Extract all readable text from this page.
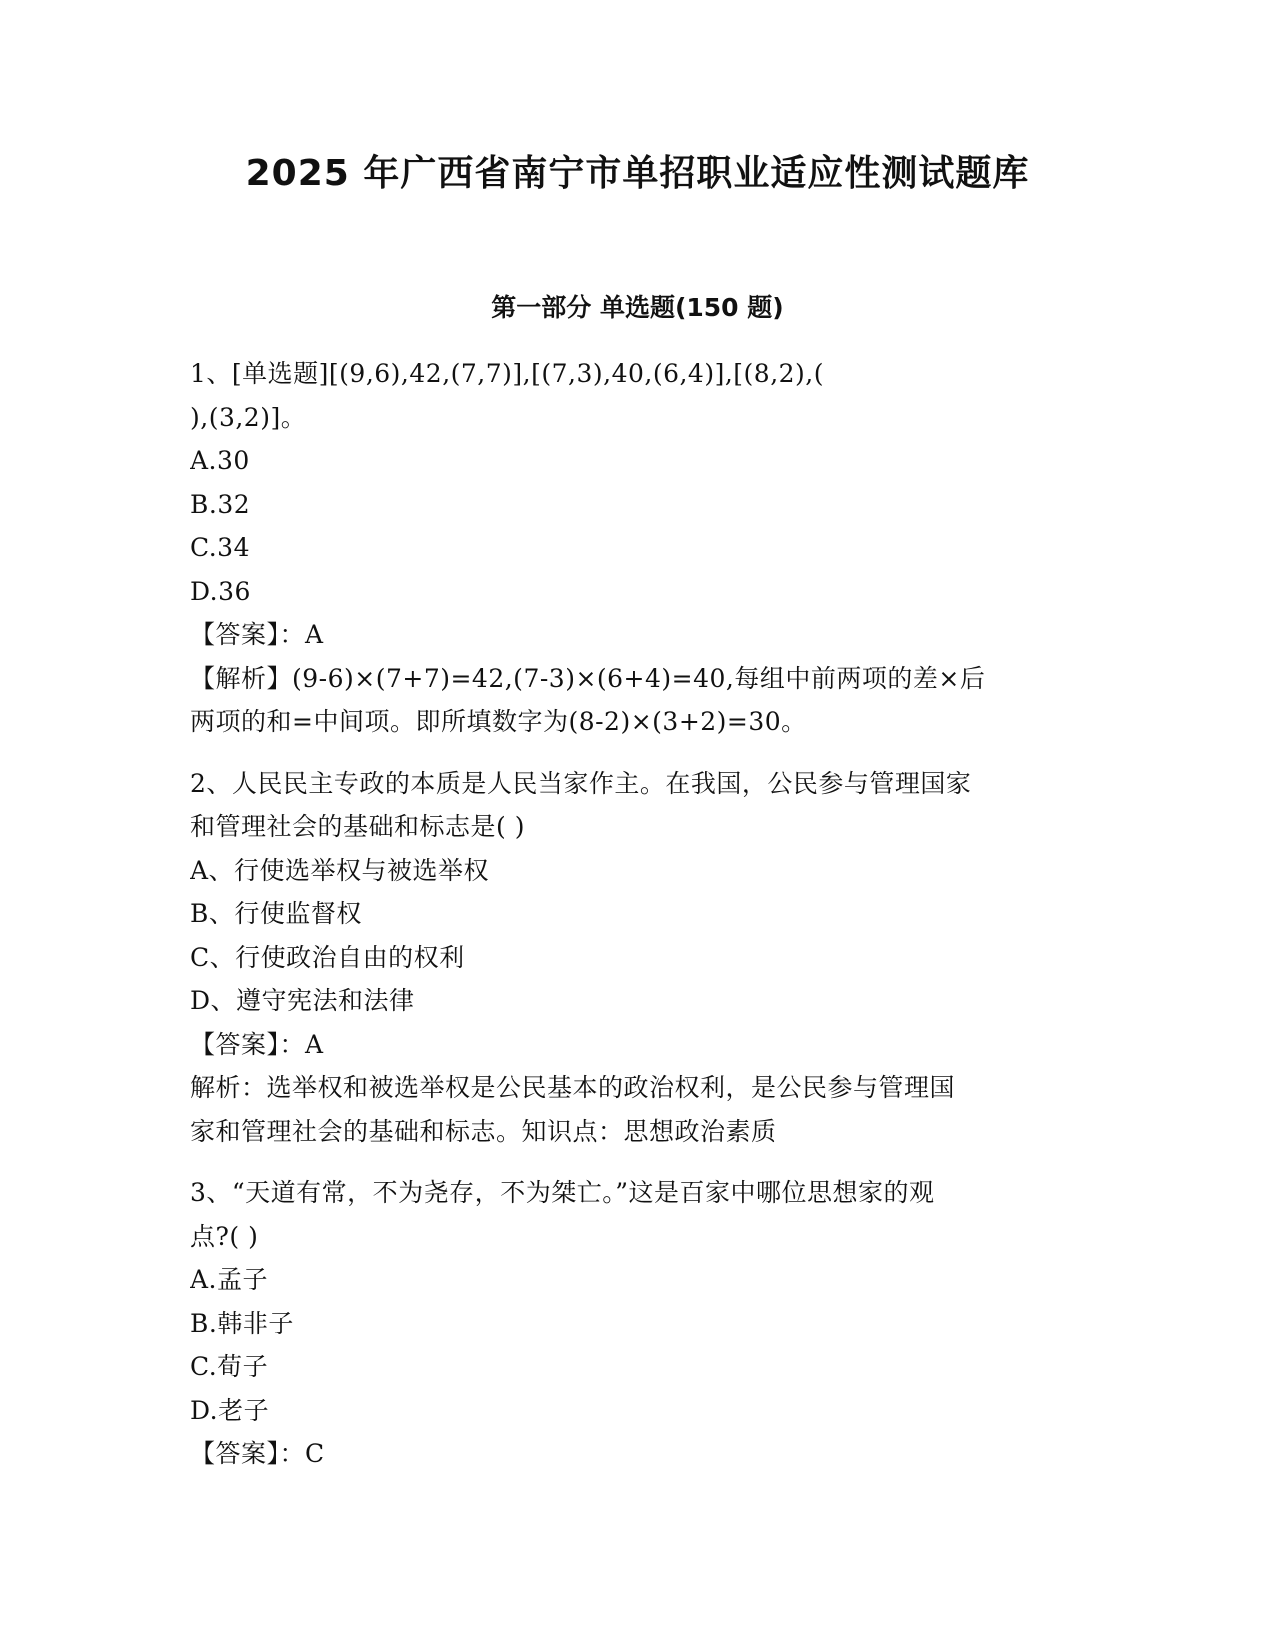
2025 年广西省南宁市单招职业适应性测试题库
第一部分 单选题(150 题)
1、[单选题][(9,6),42,(7,7)],[(7,3),40,(6,4)],[(8,2),(
),(3,2)]。
A.30
B.32
C.34
D.36
【答案】：A
【解析】(9-6)×(7+7)=42,(7-3)×(6+4)=40,每组中前两项的差×后
两项的和=中间项。即所填数字为(8-2)×(3+2)=30。
2、人民民主专政的本质是人民当家作主。在我国，公民参与管理国家
和管理社会的基础和标志是( )
A、行使选举权与被选举权
B、行使监督权
C、行使政治自由的权利
D、遵守宪法和法律
【答案】：A
解析：选举权和被选举权是公民基本的政治权利，是公民参与管理国
家和管理社会的基础和标志。知识点：思想政治素质
3、“天道有常，不为尧存，不为桀亡。”这是百家中哪位思想家的观
点?( )
A.孟子
B.韩非子
C.荀子
D.老子
【答案】：C
